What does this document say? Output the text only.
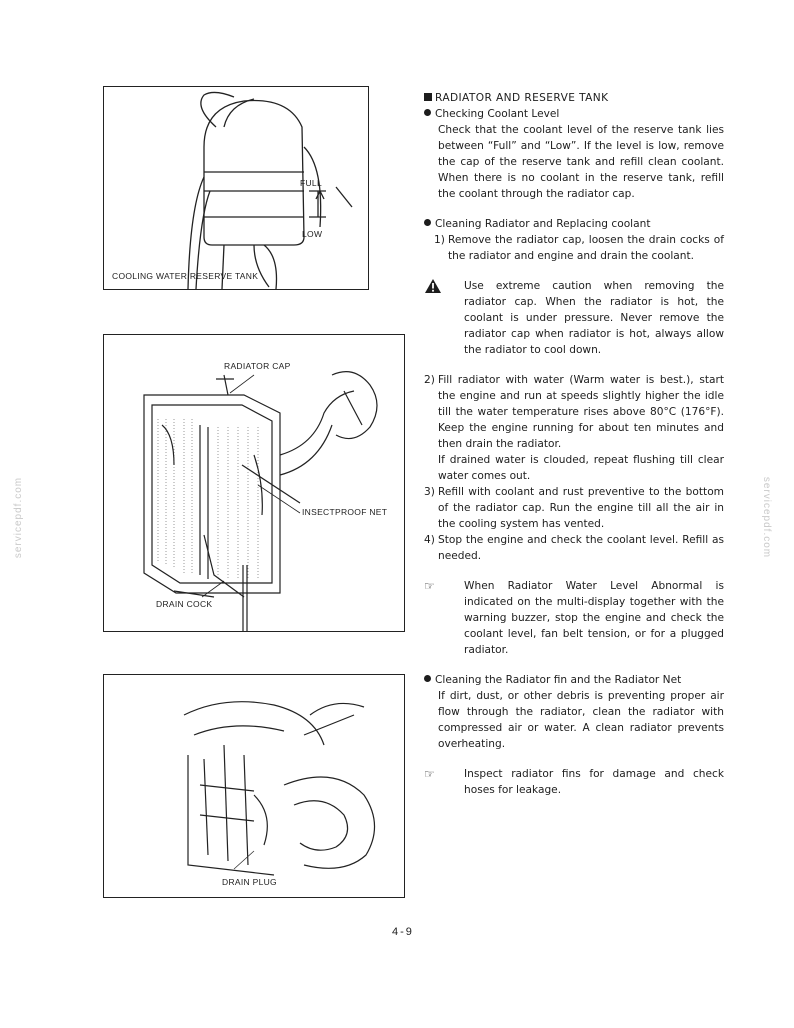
FULL
LOW
COOLING WATER RESERVE TANK
RADIATOR CAP
INSECTPROOF NET
DRAIN COCK
DRAIN PLUG

RADIATOR AND RESERVE TANK

Checking Coolant Level

Check that the coolant level of the reserve tank lies between “Full” and “Low”. If the level is low, remove the cap of the reserve tank and refill clean coolant. When there is no coolant in the reserve tank, refill the coolant through the radiator cap.

Cleaning Radiator and Replacing coolant

1) Remove the radiator cap, loosen the drain cocks of the radiator and engine and drain the coolant.
Use extreme caution when removing the radiator cap. When the radiator is hot, the coolant is under pressure. Never remove the radiator cap when radiator is hot, always allow the radiator to cool down.
2) Fill radiator with water (Warm water is best.), start the engine and run at speeds slightly higher the idle till the water temperature rises above 80°C (176°F). Keep the engine running for about ten minutes and then drain the radiator.
If drained water is clouded, repeat flushing till clear water comes out.
3) Refill with coolant and rust preventive to the bottom of the radiator cap. Run the engine till all the air in the cooling system has vented.
4) Stop the engine and check the coolant level. Refill as needed.
☞	When Radiator Water Level Abnormal is indicated on the multi-display together with the warning buzzer, stop the engine and check the coolant level, fan belt tension, or for a plugged radiator.

Cleaning the Radiator fin and the Radiator Net

If dirt, dust, or other debris is preventing proper air flow through the radiator, clean the radiator with compressed air or water. A clean radiator prevents overheating.

☞	Inspect radiator fins for damage and check hoses for leakage.
servicepdf.com	servicepdf.com
4-9
